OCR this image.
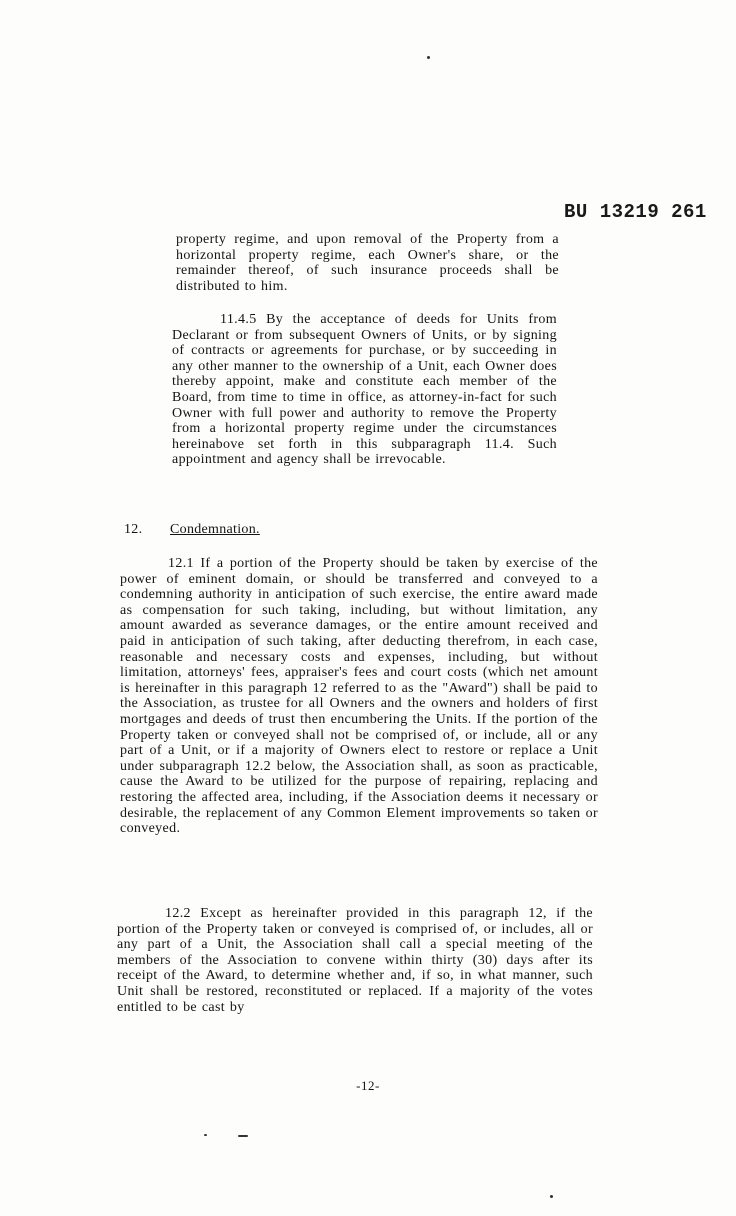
BU 13219 261

property regime, and upon removal of the Property from a horizontal property regime, each Owner's share, or the remainder thereof, of such insurance proceeds shall be distributed to him.

11.4.5 By the acceptance of deeds for Units from Declarant or from subsequent Owners of Units, or by signing of contracts or agreements for purchase, or by succeeding in any other manner to the ownership of a Unit, each Owner does thereby appoint, make and constitute each member of the Board, from time to time in office, as attorney-in-fact for such Owner with full power and authority to remove the Property from a horizontal property regime under the circumstances hereinabove set forth in this subparagraph 11.4. Such appointment and agency shall be irrevocable.

12. Condemnation.

12.1 If a portion of the Property should be taken by exercise of the power of eminent domain, or should be transferred and conveyed to a condemning authority in anticipation of such exercise, the entire award made as compensation for such taking, including, but without limitation, any amount awarded as severance damages, or the entire amount received and paid in anticipation of such taking, after deducting therefrom, in each case, reasonable and necessary costs and expenses, including, but without limitation, attorneys' fees, appraiser's fees and court costs (which net amount is hereinafter in this paragraph 12 referred to as the "Award") shall be paid to the Association, as trustee for all Owners and the owners and holders of first mortgages and deeds of trust then encumbering the Units. If the portion of the Property taken or conveyed shall not be comprised of, or include, all or any part of a Unit, or if a majority of Owners elect to restore or replace a Unit under subparagraph 12.2 below, the Association shall, as soon as practicable, cause the Award to be utilized for the purpose of repairing, replacing and restoring the affected area, including, if the Association deems it necessary or desirable, the replacement of any Common Element improvements so taken or conveyed.

12.2 Except as hereinafter provided in this paragraph 12, if the portion of the Property taken or conveyed is comprised of, or includes, all or any part of a Unit, the Association shall call a special meeting of the members of the Association to convene within thirty (30) days after its receipt of the Award, to determine whether and, if so, in what manner, such Unit shall be restored, reconstituted or replaced. If a majority of the votes entitled to be cast by

-12-
